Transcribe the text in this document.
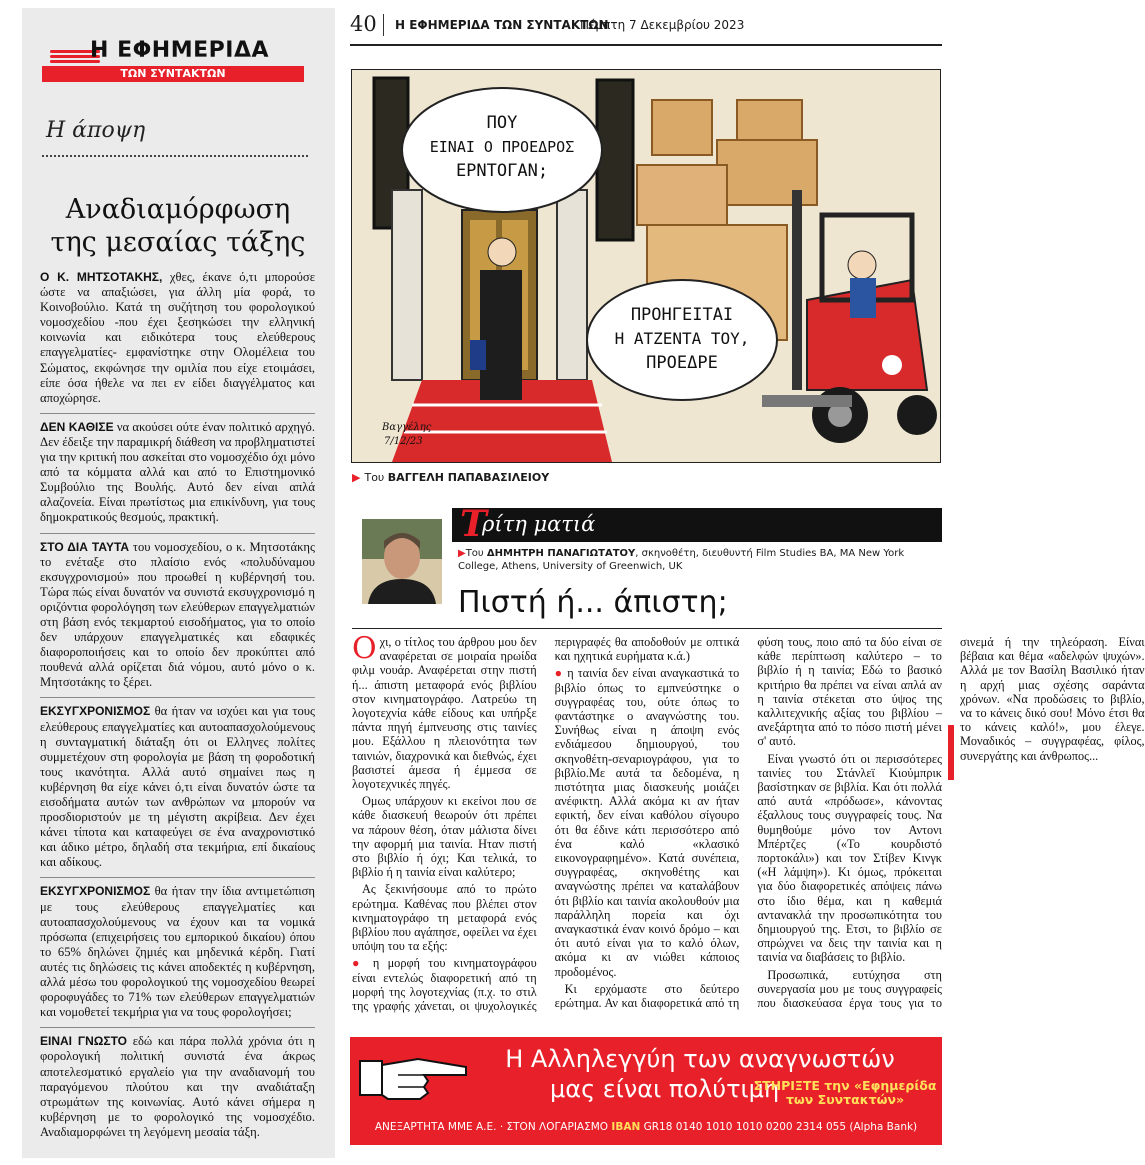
Η ΕΦΗΜΕΡΙΔΑ
ΤΩΝ ΣΥΝΤΑΚΤΩΝ
Η άποψη
Αναδιαμόρφωση
της μεσαίας τάξης

Ο Κ. ΜΗΤΣΟΤΑΚΗΣ, χθες, έκανε ό,τι μπορούσε ώστε να απαξιώσει, για άλλη μία φορά, το Κοινοβούλιο. Κατά τη συζήτηση του φορολογικού νομοσχεδίου -που έχει ξεσηκώσει την ελληνική κοινωνία και ειδικότερα τους ελεύθερους επαγγελματίες- εμφανίστηκε στην Ολομέλεια του Σώματος, εκφώνησε την ομιλία που είχε ετοιμάσει, είπε όσα ήθελε να πει εν είδει διαγγέλματος και αποχώρησε.

ΔΕΝ ΚΑΘΙΣΕ να ακούσει ούτε έναν πολιτικό αρχηγό. Δεν έδειξε την παραμικρή διάθεση να προβληματιστεί για την κριτική που ασκείται στο νομοσχέδιο όχι μόνο από τα κόμματα αλλά και από το Επιστημονικό Συμβούλιο της Βουλής. Αυτό δεν είναι απλά αλαζονεία. Είναι πρωτίστως μια επικίνδυνη, για τους δημοκρατικούς θεσμούς, πρακτική.

ΣΤΟ ΔΙΑ ΤΑΥΤΑ του νομοσχεδίου, ο κ. Μητσοτάκης το ενέταξε στο πλαίσιο ενός «πολυδύναμου εκσυγχρονισμού» που προωθεί η κυβέρνησή του. Τώρα πώς είναι δυνατόν να συνιστά εκσυγχρονισμό η οριζόντια φορολόγηση των ελεύθερων επαγγελματιών στη βάση ενός τεκμαρτού εισοδήματος, για το οποίο δεν υπάρχουν επαγγελματικές και εδαφικές διαφοροποιήσεις και το οποίο δεν προκύπτει από πουθενά αλλά ορίζεται διά νόμου, αυτό μόνο ο κ. Μητσοτάκης το ξέρει.

ΕΚΣΥΓΧΡΟΝΙΣΜΟΣ θα ήταν να ισχύει και για τους ελεύθερους επαγγελματίες και αυτοαπασχολούμενους η συνταγματική διάταξη ότι οι Ελληνες πολίτες συμμετέχουν στη φορολογία με βάση τη φοροδοτική τους ικανότητα. Αλλά αυτό σημαίνει πως η κυβέρνηση θα είχε κάνει ό,τι είναι δυνατόν ώστε τα εισοδήματα αυτών των ανθρώπων να μπορούν να προσδιοριστούν με τη μέγιστη ακρίβεια. Δεν έχει κάνει τίποτα και καταφεύγει σε ένα αναχρονιστικό και άδικο μέτρο, δηλαδή στα τεκμήρια, επί δικαίους και αδίκους.

ΕΚΣΥΓΧΡΟΝΙΣΜΟΣ θα ήταν την ίδια αντιμετώπιση με τους ελεύθερους επαγγελματίες και αυτοαπασχολούμενους να έχουν και τα νομικά πρόσωπα (επιχειρήσεις του εμπορικού δικαίου) όπου το 65% δηλώνει ζημιές και μηδενικά κέρδη. Γιατί αυτές τις δηλώσεις τις κάνει αποδεκτές η κυβέρνηση, αλλά μέσω του φορολογικού της νομοσχεδίου θεωρεί φοροφυγάδες το 71% των ελεύθερων επαγγελματιών και νομοθετεί τεκμήρια για να τους φορολογήσει;

ΕΙΝΑΙ ΓΝΩΣΤΟ εδώ και πάρα πολλά χρόνια ότι η φορολογική πολιτική συνιστά ένα άκρως αποτελεσματικό εργαλείο για την αναδιανομή του παραγόμενου πλούτου και την αναδιάταξη στρωμάτων της κοινωνίας. Αυτό κάνει σήμερα η κυβέρνηση με το φορολογικό της νομοσχέδιο. Αναδιαμορφώνει τη λεγόμενη μεσαία τάξη.

40 Η ΕΦΗΜΕΡΙΔΑ ΤΩΝ ΣΥΝΤΑΚΤΩΝ
Πέμπτη 7 Δεκεμβρίου 2023
ΠΟΥ
ΕΙΝΑΙ Ο ΠΡΟΕΔΡΟΣ
ΕΡΝΤΟΓΑΝ;
ΠΡΟΗΓΕΙΤΑΙ
Η ΑΤΖΕΝΤΑ ΤΟΥ,
ΠΡΟΕΔΡΕ
Βαγγέλης
7/12/23
▶ Του ΒΑΓΓΕΛΗ ΠΑΠΑΒΑΣΙΛΕΙΟΥ
Τ
ρίτη ματιά
▶Του ΔΗΜΗΤΡΗ ΠΑΝΑΓΙΩΤΑΤΟΥ, σκηνοθέτη, διευθυντή Film Studies BA, MA New York College, Athens, University of Greenwich, UK
Πιστή ή... άπιστη;

Οχι, ο τίτλος του άρθρου μου δεν αναφέρεται σε μοιραία ηρωίδα φιλμ νουάρ. Αναφέρεται στην πιστή ή... άπιστη μεταφορά ενός βιβλίου στον κινηματογράφο. Λατρεύω τη λογοτεχνία κάθε είδους και υπήρξε πάντα πηγή έμπνευσης στις ταινίες μου. Εξάλλου η πλειονότητα των ταινιών, διαχρονικά και διεθνώς, έχει βασιστεί άμεσα ή έμμεσα σε λογοτεχνικές πηγές.

Ομως υπάρχουν κι εκείνοι που σε κάθε διασκευή θεωρούν ότι πρέπει να πάρουν θέση, όταν μάλιστα δίνει την αφορμή μια ταινία. Ηταν πιστή στο βιβλίο ή όχι; Και τελικά, το βιβλίο ή η ταινία είναι καλύτερο;

Ας ξεκινήσουμε από το πρώτο ερώτημα. Καθένας που βλέπει στον κινηματογράφο τη μεταφορά ενός βιβλίου που αγάπησε, οφείλει να έχει υπόψη του τα εξής:

● η μορφή του κινηματογράφου είναι εντελώς διαφορετική από τη μορφή της λογοτεχνίας (π.χ. το στιλ της γραφής χάνεται, οι ψυχολογικές περιγραφές θα αποδοθούν με οπτικά και ηχητικά ευρήματα κ.ά.)

● η ταινία δεν είναι αναγκαστικά το βιβλίο όπως το εμπνεύστηκε ο συγγραφέας του, ούτε όπως το φαντάστηκε ο αναγνώστης του. Συνήθως είναι η άποψη ενός ενδιάμεσου δημιουργού, του σκηνοθέτη-σεναριογράφου, για το βιβλίο.Με αυτά τα δεδομένα, η πιστότητα μιας διασκευής μοιάζει ανέφικτη. Αλλά ακόμα κι αν ήταν εφικτή, δεν είναι καθόλου σίγουρο ότι θα έδινε κάτι περισσότερο από ένα καλό «κλασικό εικονογραφημένο». Κατά συνέπεια, συγγραφέας, σκηνοθέτης και αναγνώστης πρέπει να καταλάβουν ότι βιβλίο και ταινία ακολουθούν μια παράλληλη πορεία και όχι αναγκαστικά έναν κοινό δρόμο – και ότι αυτό είναι για το καλό όλων, ακόμα κι αν νιώθει κάποιος προδομένος.

Κι ερχόμαστε στο δεύτερο ερώτημα. Αν και διαφορετικά από τη φύση τους, ποιο από τα δύο είναι σε κάθε περίπτωση καλύτερο – το βιβλίο ή η ταινία; Εδώ το βασικό κριτήριο θα πρέπει να είναι απλά αν η ταινία στέκεται στο ύψος της καλλιτεχνικής αξίας του βιβλίου – ανεξάρτητα από το πόσο πιστή μένει σ' αυτό.

Είναι γνωστό ότι οι περισσότερες ταινίες του Στάνλεϊ Κιούμπρικ βασίστηκαν σε βιβλία. Και ότι πολλά από αυτά «πρόδωσε», κάνοντας έξαλλους τους συγγραφείς τους. Να θυμηθούμε μόνο τον Αντονι Μπέρτζες («Το κουρδιστό πορτοκάλι») και τον Στίβεν Κινγκ («Η λάμψη»). Κι όμως, πρόκειται για δύο διαφορετικές απόψεις πάνω στο ίδιο θέμα, και η καθεμιά αντανακλά την προσωπικότητα του δημιουργού της. Ετσι, το βιβλίο σε σπρώχνει να δεις την ταινία και η ταινία να διαβάσεις το βιβλίο.

Προσωπικά, ευτύχησα στη συνεργασία μου με τους συγγραφείς που διασκεύασα έργα τους για το σινεμά ή την τηλεόραση. Είναι βέβαια και θέμα «αδελφών ψυχών». Αλλά με τον Βασίλη Βασιλικό ήταν η αρχή μιας σχέσης σαράντα χρόνων. «Να προδώσεις το βιβλίο, να το κάνεις δικό σου! Μόνο έτσι θα το κάνεις καλό!», μου έλεγε. Μοναδικός – συγγραφέας, φίλος, συνεργάτης και άνθρωπος...

Η Αλληλεγγύη των αναγνωστών
μας είναι πολύτιμη
ΣΤΗΡΙΞΤΕ την «Εφημερίδα
των Συντακτών»
ΑΝΕΞΑΡΤΗΤΑ ΜΜΕ Α.Ε. · ΣΤΟΝ ΛΟΓΑΡΙΑΣΜΟ IBAN GR18 0140 1010 1010 0200 2314 055 (Alpha Bank)
